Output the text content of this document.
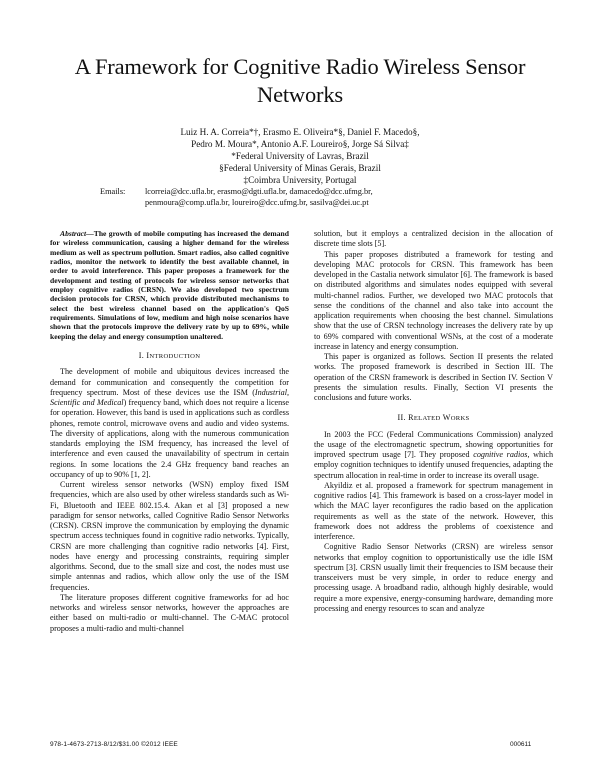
A Framework for Cognitive Radio Wireless Sensor
Networks
Luiz H. A. Correia*†, Erasmo E. Oliveira*§, Daniel F. Macedo§,
Pedro M. Moura*, Antonio A.F. Loureiro§, Jorge Sá Silva‡
*Federal University of Lavras, Brazil
§Federal University of Minas Gerais, Brazil
‡Coimbra University, Portugal
Emails: lcorreia@dcc.ufla.br, erasmo@dgti.ufla.br, damacedo@dcc.ufmg.br,
penmoura@comp.ufla.br, loureiro@dcc.ufmg.br, sasilva@dei.uc.pt

Abstract—The growth of mobile computing has increased the demand for wireless communication, causing a higher demand for the wireless medium as well as spectrum pollution. Smart radios, also called cognitive radios, monitor the network to identify the best available channel, in order to avoid interference. This paper proposes a framework for the development and testing of protocols for wireless sensor networks that employ cognitive radios (CRSN). We also developed two spectrum decision protocols for CRSN, which provide distributed mechanisms to select the best wireless channel based on the application's QoS requirements. Simulations of low, medium and high noise scenarios have shown that the protocols improve the delivery rate by up to 69%, while keeping the delay and energy consumption unaltered.

I. INTRODUCTION

The development of mobile and ubiquitous devices increased the demand for communication and consequently the competition for frequency spectrum. Most of these devices use the ISM (Industrial, Scientific and Medical) frequency band, which does not require a license for operation. However, this band is used in applications such as cordless phones, remote control, microwave ovens and audio and video systems. The diversity of applications, along with the numerous communication standards employing the ISM frequency, has increased the level of interference and even caused the unavailability of spectrum in certain regions. In some locations the 2.4 GHz frequency band reaches an occupancy of up to 90% [1, 2].

Current wireless sensor networks (WSN) employ fixed ISM frequencies, which are also used by other wireless standards such as Wi-Fi, Bluetooth and IEEE 802.15.4. Akan et al [3] proposed a new paradigm for sensor networks, called Cognitive Radio Sensor Networks (CRSN). CRSN improve the communication by employing the dynamic spectrum access techniques found in cognitive radio networks. Typically, CRSN are more challenging than cognitive radio networks [4]. First, nodes have energy and processing constraints, requiring simpler algorithms. Second, due to the small size and cost, the nodes must use simple antennas and radios, which allow only the use of the ISM frequencies.

The literature proposes different cognitive frameworks for ad hoc networks and wireless sensor networks, however the approaches are either based on multi-radio or multi-channel. The C-MAC protocol proposes a multi-radio and multi-channel

solution, but it employs a centralized decision in the allocation of discrete time slots [5].

This paper proposes distributed a framework for testing and developing MAC protocols for CRSN. This framework has been developed in the Castalia network simulator [6]. The framework is based on distributed algorithms and simulates nodes equipped with several multi-channel radios. Further, we developed two MAC protocols that sense the conditions of the channel and also take into account the application requirements when choosing the best channel. Simulations show that the use of CRSN technology increases the delivery rate by up to 69% compared with conventional WSNs, at the cost of a moderate increase in latency and energy consumption.

This paper is organized as follows. Section II presents the related works. The proposed framework is described in Section III. The operation of the CRSN framework is described in Section IV. Section V presents the simulation results. Finally, Section VI presents the conclusions and future works.

II. RELATED WORKS

In 2003 the FCC (Federal Communications Commission) analyzed the usage of the electromagnetic spectrum, showing opportunities for improved spectrum usage [7]. They proposed cognitive radios, which employ cognition techniques to identify unused frequencies, adapting the spectrum allocation in real-time in order to increase its overall usage.

Akyildiz et al. proposed a framework for spectrum management in cognitive radios [4]. This framework is based on a cross-layer model in which the MAC layer reconfigures the radio based on the application requirements as well as the state of the network. However, this framework does not address the problems of coexistence and interference.

Cognitive Radio Sensor Networks (CRSN) are wireless sensor networks that employ cognition to opportunistically use the idle ISM spectrum [3]. CRSN usually limit their frequencies to ISM because their transceivers must be very simple, in order to reduce energy and processing usage. A broadband radio, although highly desirable, would require a more expensive, energy-consuming hardware, demanding more processing and energy resources to scan and analyze

978-1-4673-2713-8/12/$31.00 ©2012 IEEE	000611
